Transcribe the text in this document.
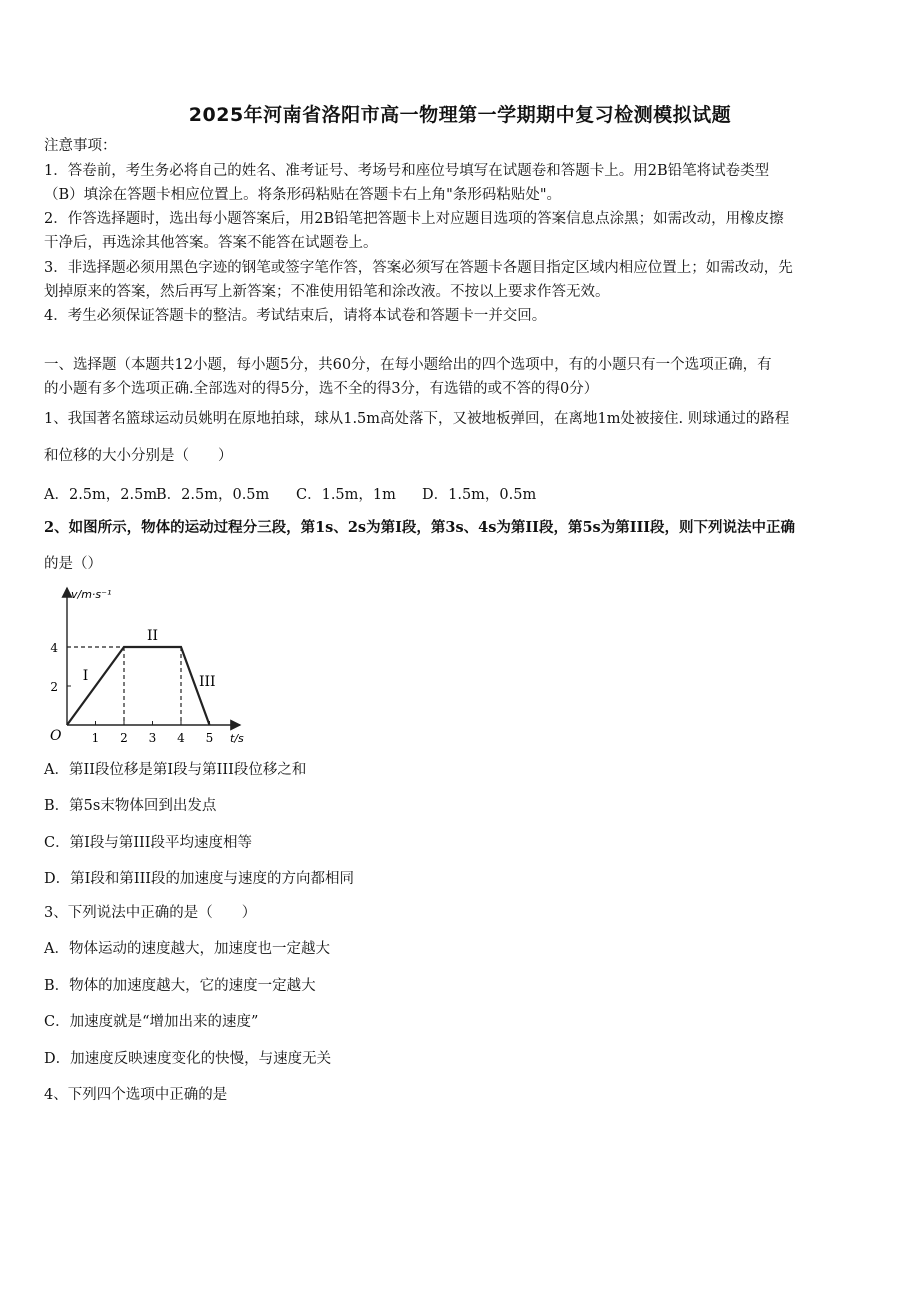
2025年河南省洛阳市高一物理第一学期期中复习检测模拟试题
注意事项：
1．答卷前，考生务必将自己的姓名、准考证号、考场号和座位号填写在试题卷和答题卡上。用2B铅笔将试卷类型
（B）填涂在答题卡相应位置上。将条形码粘贴在答题卡右上角"条形码粘贴处"。
2．作答选择题时，选出每小题答案后，用2B铅笔把答题卡上对应题目选项的答案信息点涂黑；如需改动，用橡皮擦
干净后，再选涂其他答案。答案不能答在试题卷上。
3．非选择题必须用黑色字迹的钢笔或签字笔作答，答案必须写在答题卡各题目指定区域内相应位置上；如需改动，先
划掉原来的答案，然后再写上新答案；不准使用铅笔和涂改液。不按以上要求作答无效。
4．考生必须保证答题卡的整洁。考试结束后，请将本试卷和答题卡一并交回。
一、选择题（本题共12小题，每小题5分，共60分，在每小题给出的四个选项中，有的小题只有一个选项正确，有
的小题有多个选项正确.全部选对的得5分，选不全的得3分，有选错的或不答的得0分）
1、我国著名篮球运动员姚明在原地拍球，球从1.5m高处落下，又被地板弹回，在离地1m处被接住. 则球通过的路程
和位移的大小分别是（　　）
A．2.5m，2.5mB．2.5m，0.5m C．1.5m，1m D．1.5m，0.5m
2、如图所示，物体的运动过程分三段，第1s、2s为第I段，第3s、4s为第II段，第5s为第III段，则下列说法中正确
的是（）
v/m·s⁻¹
t/s
O	1 2 3 4 5
2
4
I
II
III
A．第II段位移是第I段与第III段位移之和
B．第5s末物体回到出发点
C．第I段与第III段平均速度相等
D．第I段和第III段的加速度与速度的方向都相同
3、下列说法中正确的是（　　）
A．物体运动的速度越大，加速度也一定越大
B．物体的加速度越大，它的速度一定越大
C．加速度就是“增加出来的速度”
D．加速度反映速度变化的快慢，与速度无关
4、下列四个选项中正确的是
